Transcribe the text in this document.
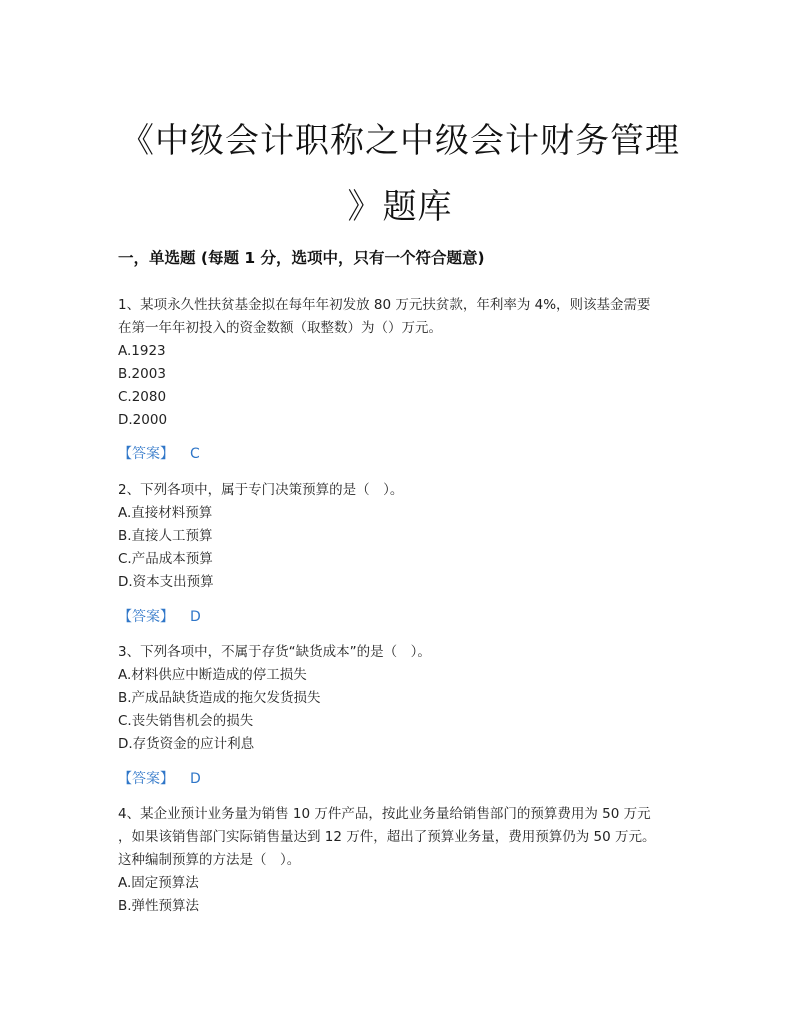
《中级会计职称之中级会计财务管理
》题库
一，单选题 (每题 1 分，选项中，只有一个符合题意)

1、某项永久性扶贫基金拟在每年年初发放 80 万元扶贫款，年利率为 4%，则该基金需要

在第一年年初投入的资金数额（取整数）为（）万元。

A.1923

B.2003

C.2080

D.2000

【答案】 C

2、下列各项中，属于专门决策预算的是（　）。

A.直接材料预算

B.直接人工预算

C.产品成本预算

D.资本支出预算

【答案】 D

3、下列各项中，不属于存货“缺货成本”的是（　）。

A.材料供应中断造成的停工损失

B.产成品缺货造成的拖欠发货损失

C.丧失销售机会的损失

D.存货资金的应计利息

【答案】 D

4、某企业预计业务量为销售 10 万件产品，按此业务量给销售部门的预算费用为 50 万元

，如果该销售部门实际销售量达到 12 万件，超出了预算业务量，费用预算仍为 50 万元。

这种编制预算的方法是（　）。

A.固定预算法

B.弹性预算法
